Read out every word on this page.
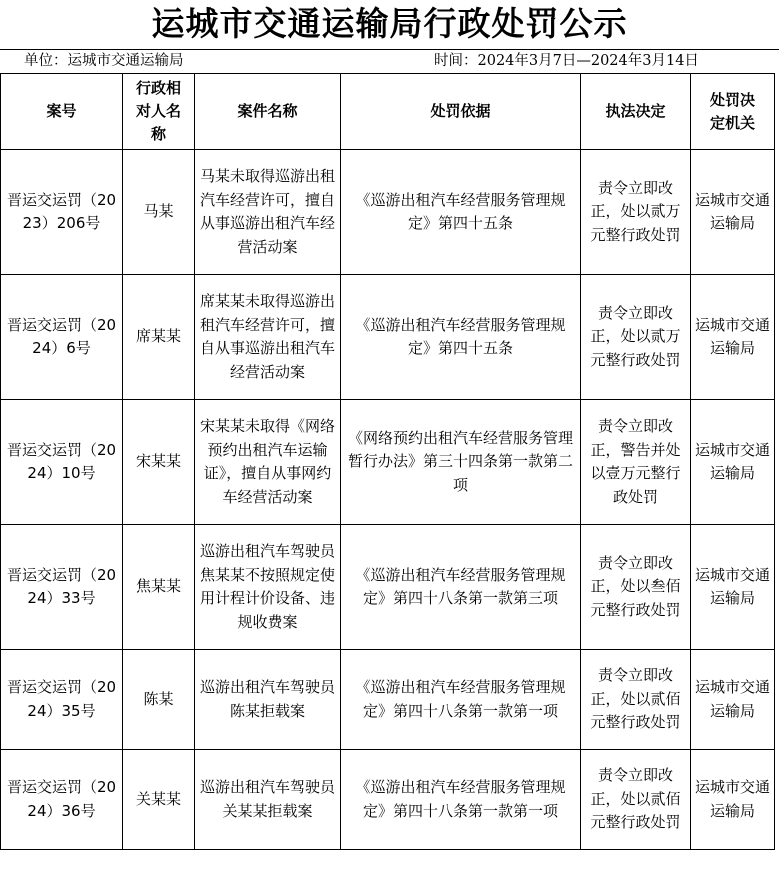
运城市交通运输局行政处罚公示
单位：运城市交通运输局	时间：2024年3月7日—2024年3月14日
案号	行政相对人名称	案件名称	处罚依据	执法决定	处罚决定机关
晋运交运罚（2023）206号	马某	马某未取得巡游出租汽车经营许可，擅自从事巡游出租汽车经营活动案	《巡游出租汽车经营服务管理规定》第四十五条	责令立即改正，处以贰万元整行政处罚	运城市交通运输局
晋运交运罚（2024）6号	席某某	席某某未取得巡游出租汽车经营许可，擅自从事巡游出租汽车经营活动案	《巡游出租汽车经营服务管理规定》第四十五条	责令立即改正，处以贰万元整行政处罚	运城市交通运输局
晋运交运罚（2024）10号	宋某某	宋某某未取得《网络预约出租汽车运输证》，擅自从事网约车经营活动案	《网络预约出租汽车经营服务管理暂行办法》第三十四条第一款第二项	责令立即改正，警告并处以壹万元整行政处罚	运城市交通运输局
晋运交运罚（2024）33号	焦某某	巡游出租汽车驾驶员焦某某不按照规定使用计程计价设备、违规收费案	《巡游出租汽车经营服务管理规定》第四十八条第一款第三项	责令立即改正，处以叁佰元整行政处罚	运城市交通运输局
晋运交运罚（2024）35号	陈某	巡游出租汽车驾驶员陈某拒载案	《巡游出租汽车经营服务管理规定》第四十八条第一款第一项	责令立即改正，处以贰佰元整行政处罚	运城市交通运输局
晋运交运罚（2024）36号	关某某	巡游出租汽车驾驶员关某某拒载案	《巡游出租汽车经营服务管理规定》第四十八条第一款第一项	责令立即改正，处以贰佰元整行政处罚	运城市交通运输局
